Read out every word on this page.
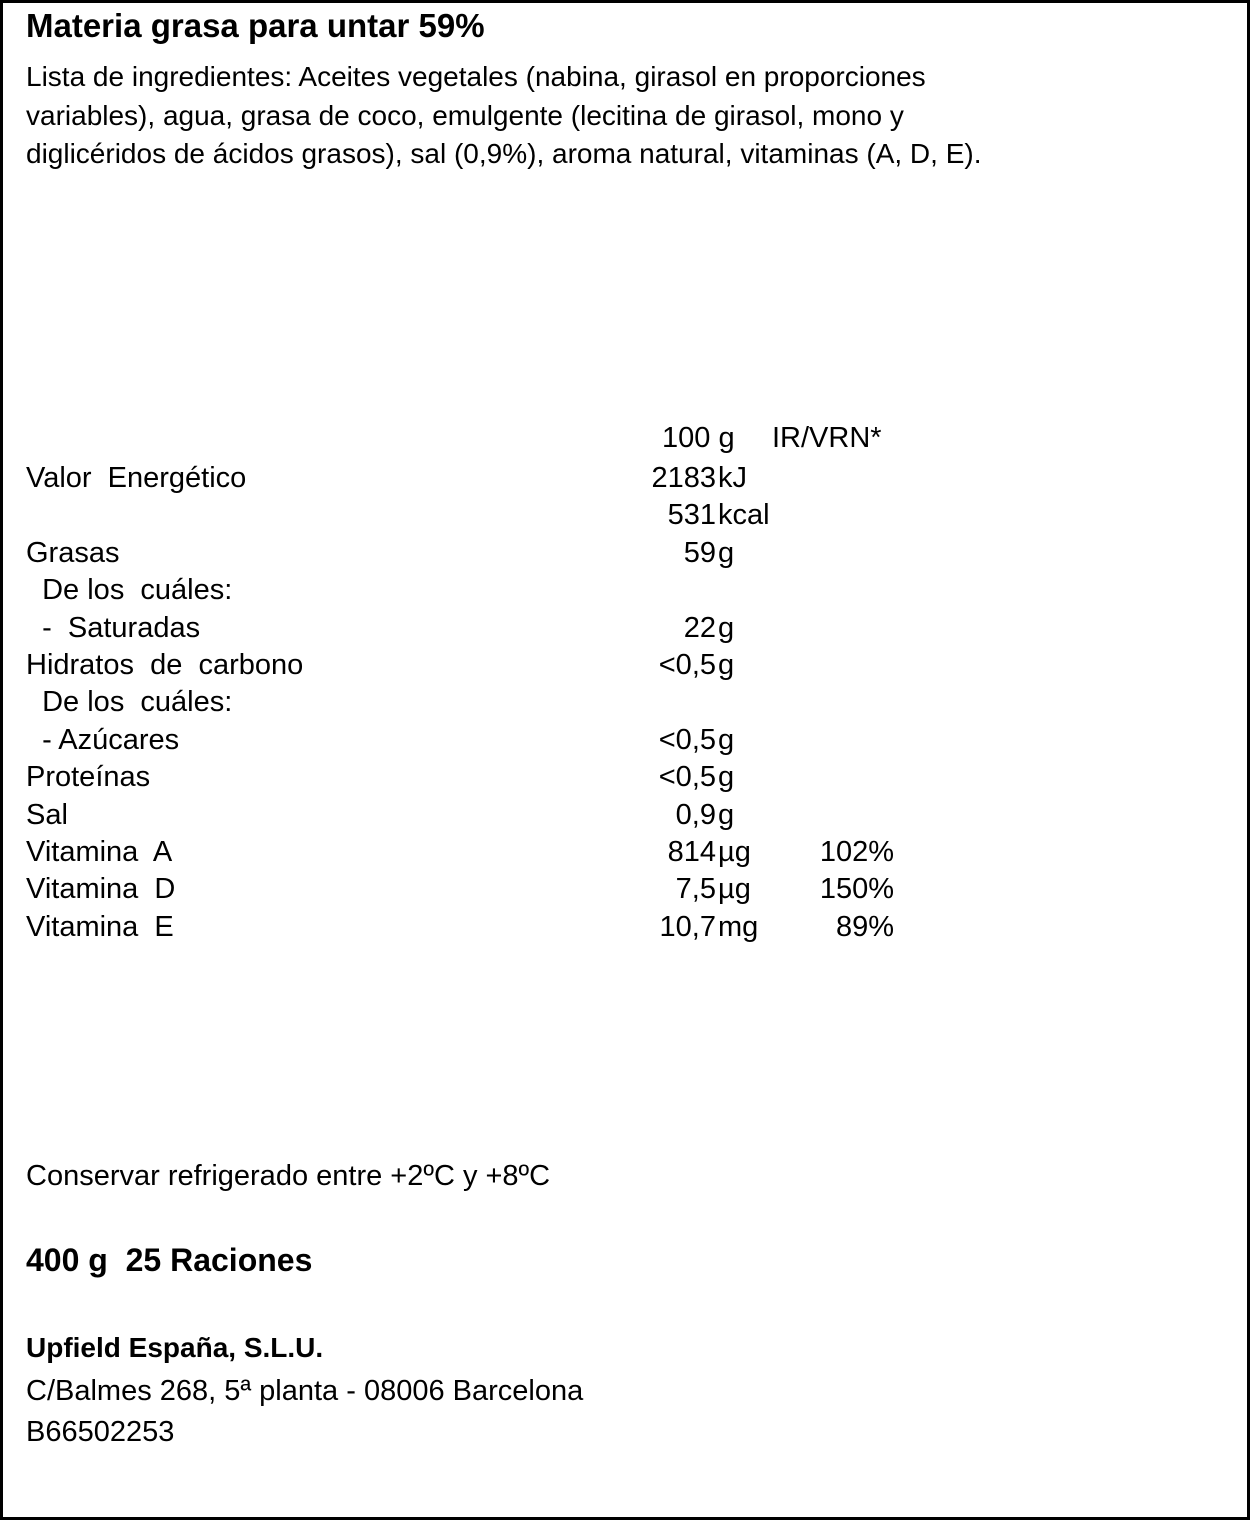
Materia grasa para untar 59%
Lista de ingredientes: Aceites vegetales (nabina, girasol en proporciones
variables), agua, grasa de coco, emulgente (lecitina de girasol, mono y
diglicéridos de ácidos grasos), sal (0,9%), aroma natural, vitaminas (A, D, E).
100 g IR/VRN*
Valor  Energético	2183 kJ
531 kcal
Grasas	59 g
De los  cuáles:
-  Saturadas	22 g
Hidratos  de  carbono	<0,5 g
De los  cuáles:
- Azúcares	<0,5 g
Proteínas	<0,5 g
Sal	0,9 g
Vitamina  A	814 µg 102%
Vitamina  D	7,5 µg 150%
Vitamina  E	10,7 mg	89%
Conservar refrigerado entre +2ºC y +8ºC
400 g  25 Raciones
Upfield España, S.L.U.
C/Balmes 268, 5ª planta - 08006 Barcelona
B66502253
